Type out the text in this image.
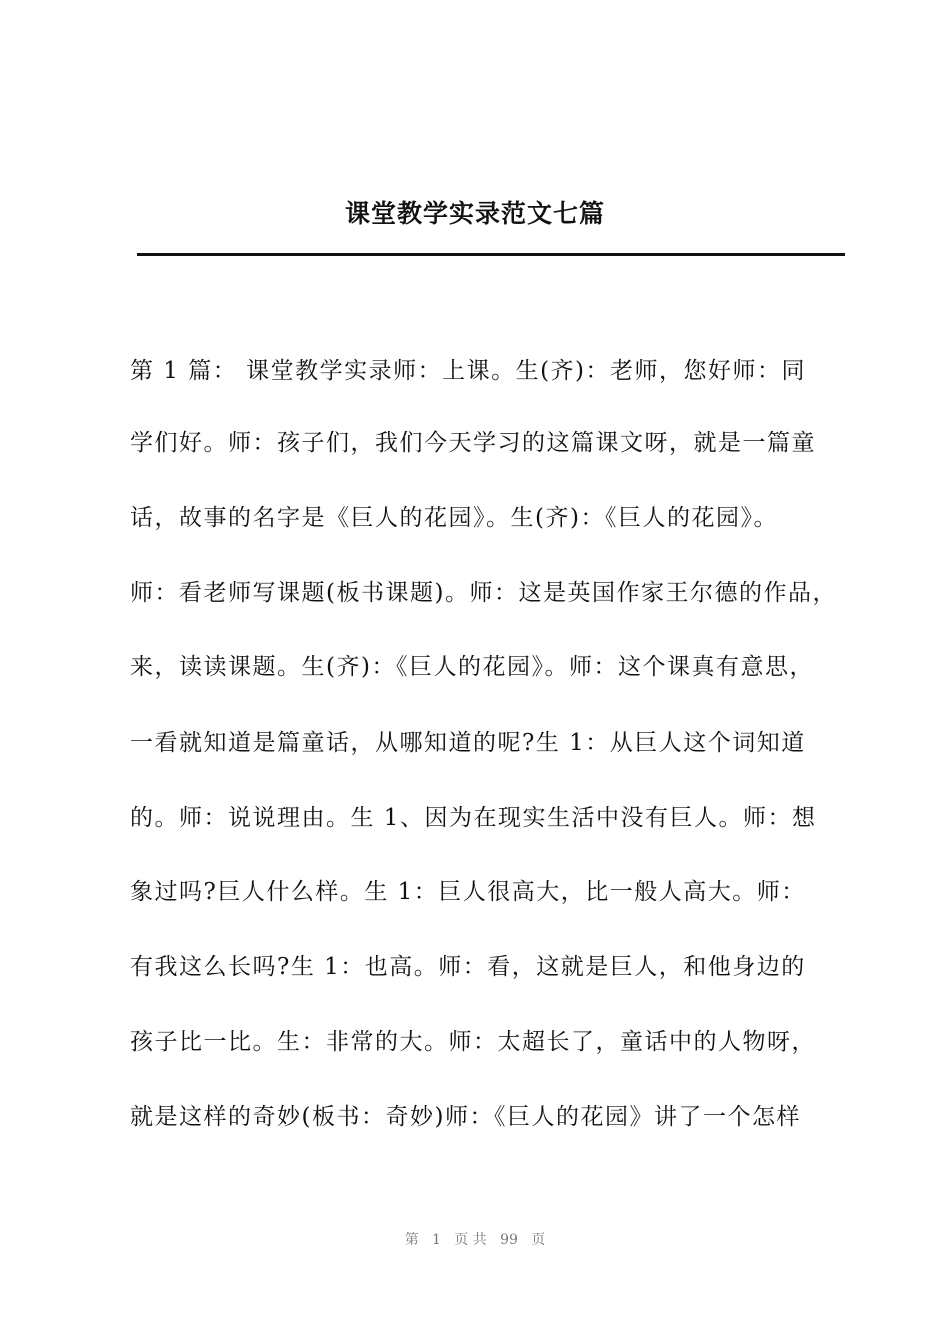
课堂教学实录范文七篇
第 1 篇： 课堂教学实录师：上课。生(齐)：老师，您好师：同
学们好。师：孩子们，我们今天学习的这篇课文呀，就是一篇童
话，故事的名字是《巨人的花园》。生(齐)：《巨人的花园》。
师：看老师写课题(板书课题)。师：这是英国作家王尔德的作品，
来，读读课题。生(齐)：《巨人的花园》。师：这个课真有意思，
一看就知道是篇童话，从哪知道的呢?生 1：从巨人这个词知道
的。师：说说理由。生 1、因为在现实生活中没有巨人。师：想
象过吗?巨人什么样。生 1：巨人很高大，比一般人高大。师：
有我这么长吗?生 1：也高。师：看，这就是巨人，和他身边的
孩子比一比。生：非常的大。师：太超长了，童话中的人物呀，
就是这样的奇妙(板书：奇妙)师：《巨人的花园》讲了一个怎样
第   1   页 共   99   页
